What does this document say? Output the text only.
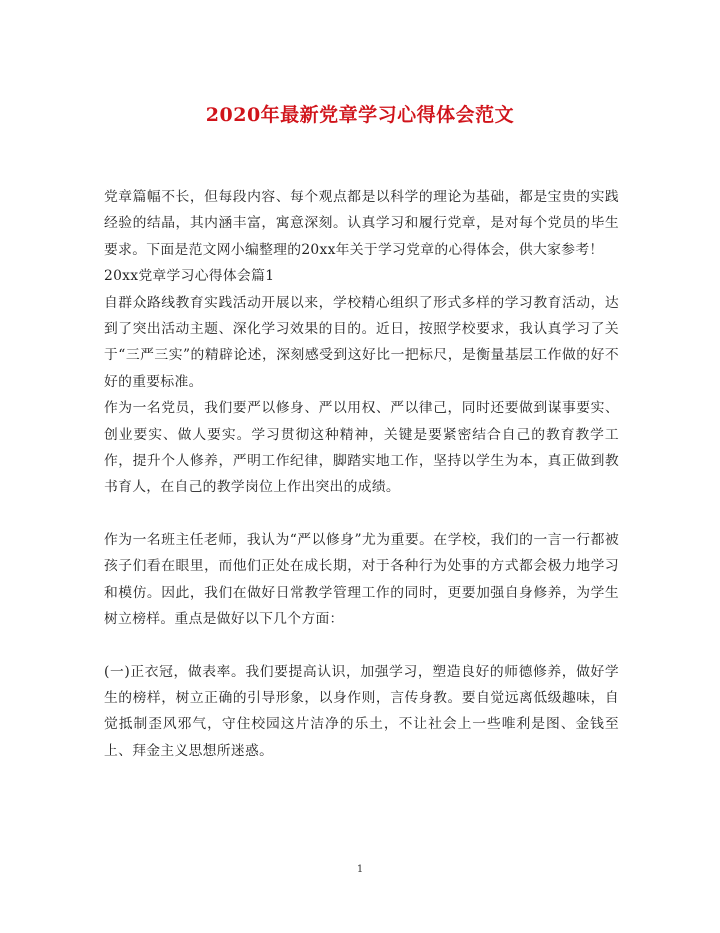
2020年最新党章学习心得体会范文

党章篇幅不长，但每段内容、每个观点都是以科学的理论为基础，都是宝贵的实践经验的结晶，其内涵丰富，寓意深刻。认真学习和履行党章，是对每个党员的毕生要求。下面是范文网小编整理的20xx年关于学习党章的心得体会，供大家参考！

20xx党章学习心得体会篇1

自群众路线教育实践活动开展以来，学校精心组织了形式多样的学习教育活动，达到了突出活动主题、深化学习效果的目的。近日，按照学校要求，我认真学习了关于“三严三实”的精辟论述，深刻感受到这好比一把标尺，是衡量基层工作做的好不好的重要标准。

作为一名党员，我们要严以修身、严以用权、严以律己，同时还要做到谋事要实、创业要实、做人要实。学习贯彻这种精神，关键是要紧密结合自己的教育教学工作，提升个人修养，严明工作纪律，脚踏实地工作，坚持以学生为本，真正做到教书育人，在自己的教学岗位上作出突出的成绩。

作为一名班主任老师，我认为“严以修身”尤为重要。在学校，我们的一言一行都被孩子们看在眼里，而他们正处在成长期，对于各种行为处事的方式都会极力地学习和模仿。因此，我们在做好日常教学管理工作的同时，更要加强自身修养，为学生树立榜样。重点是做好以下几个方面：

(一)正衣冠，做表率。我们要提高认识，加强学习，塑造良好的师德修养，做好学生的榜样，树立正确的引导形象，以身作则，言传身教。要自觉远离低级趣味，自觉抵制歪风邪气，守住校园这片洁净的乐土，不让社会上一些唯利是图、金钱至上、拜金主义思想所迷惑。

1
